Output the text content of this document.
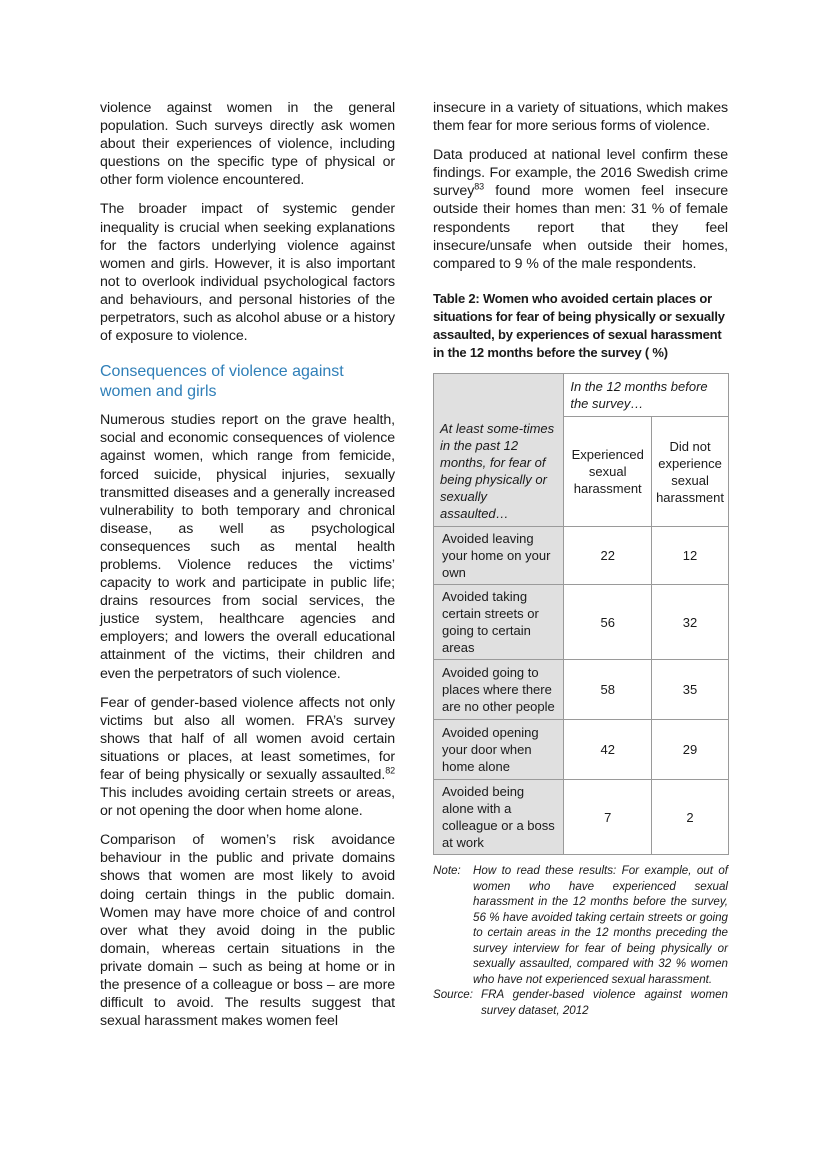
violence against women in the general population. Such surveys directly ask women about their experiences of violence, including questions on the specific type of physical or other form violence encountered.

The broader impact of systemic gender inequality is crucial when seeking explanations for the factors underlying violence against women and girls. However, it is also important not to overlook individual psychological factors and behaviours, and personal histories of the perpetrators, such as alcohol abuse or a history of exposure to violence.

Consequences of violence against women and girls

Numerous studies report on the grave health, social and economic consequences of violence against women, which range from femicide, forced suicide, physical injuries, sexually transmitted diseases and a generally increased vulnerability to both temporary and chronical disease, as well as psychological consequences such as mental health problems. Violence reduces the victims’ capacity to work and participate in public life; drains resources from social services, the justice system, healthcare agencies and employers; and lowers the overall educational attainment of the victims, their children and even the perpetrators of such violence.

Fear of gender-based violence affects not only victims but also all women. FRA’s survey shows that half of all women avoid certain situations or places, at least sometimes, for fear of being physically or sexually assaulted.$^{82}$ This includes avoiding certain streets or areas, or not opening the door when home alone.

Comparison of women’s risk avoidance behaviour in the public and private domains shows that women are most likely to avoid doing certain things in the public domain. Women may have more choice of and control over what they avoid doing in the public domain, whereas certain situations in the private domain – such as being at home or in the presence of a colleague or boss – are more difficult to avoid. The results suggest that sexual harassment makes women feel

insecure in a variety of situations, which makes them fear for more serious forms of violence.

Data produced at national level confirm these findings. For example, the 2016 Swedish crime survey$^{83}$ found more women feel insecure outside their homes than men: 31 % of female respondents report that they feel insecure/unsafe when outside their homes, compared to 9 % of the male respondents.

Table 2: Women who avoided certain places or situations for fear of being physically or sexually assaulted, by experiences of sexual harassment in the 12 months before the survey ( %)
	In the 12 months before the survey…	
At least some-times in the past 12 months, for fear of being physically or sexually assaulted…	Experienced sexual harassment	Did not experience sexual harassment
Avoided leaving your home on your own	22	12
Avoided taking certain streets or going to certain areas	56	32
Avoided going to places where there are no other people	58	35
Avoided opening your door when home alone	42	29
Avoided being alone with a colleague or a boss at work	7	2
Note:	How to read these results: For example, out of women who have experienced sexual harassment in the 12 months before the survey, 56 % have avoided taking certain streets or going to certain areas in the 12 months preceding the survey interview for fear of being physically or sexually assaulted, compared with 32 % women who have not experienced sexual harassment.
Source: FRA gender-based violence against women survey dataset, 2012
